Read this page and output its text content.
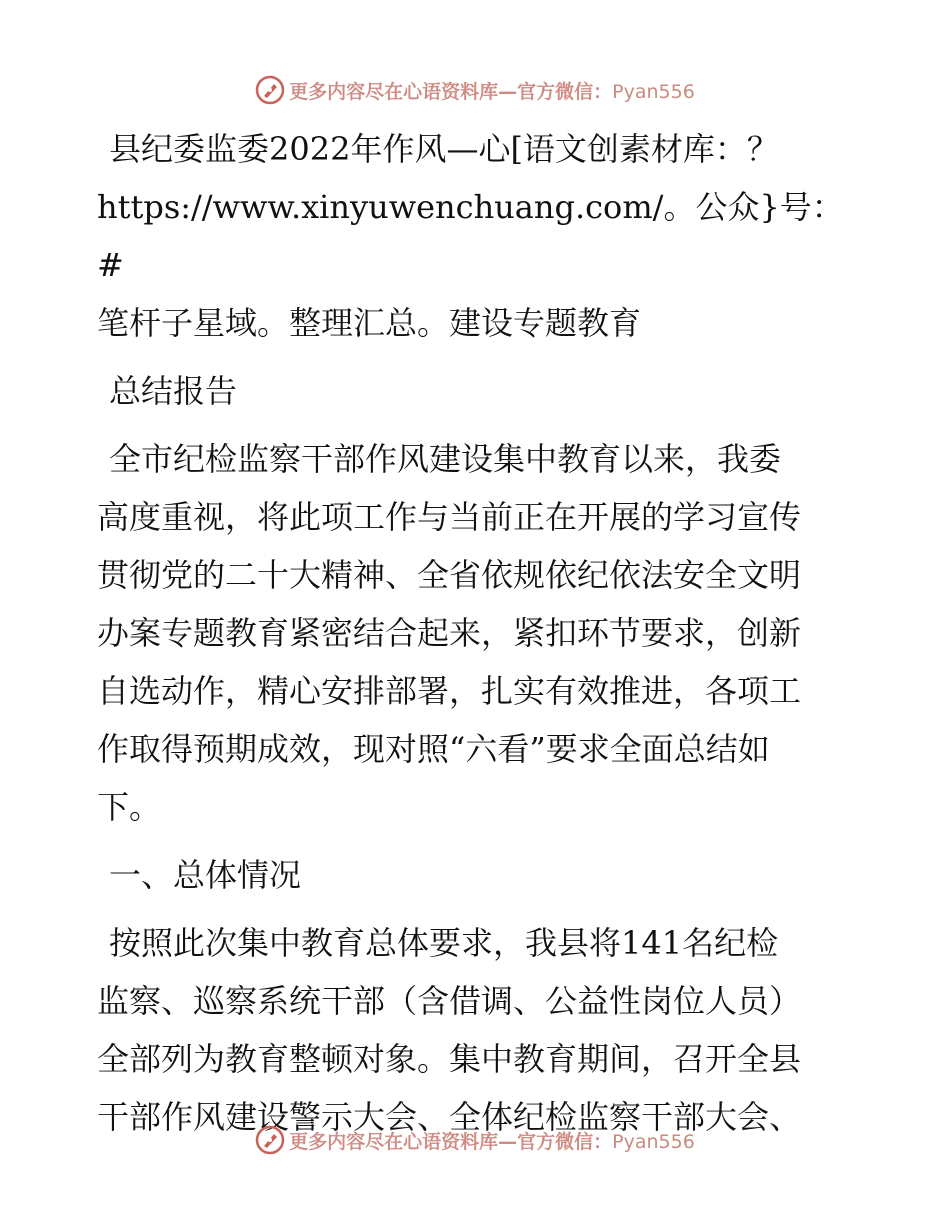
更多内容尽在心语资料库—官方微信：Pyan556

县纪委监委2022年作风—心[语文创素材库：？

https://www.xinyuwenchuang.com/。公众}号：#

笔杆子星域。整理汇总。建设专题教育

总结报告

全市纪检监察干部作风建设集中教育以来，我委

高度重视，将此项工作与当前正在开展的学习宣传

贯彻党的二十大精神、全省依规依纪依法安全文明

办案专题教育紧密结合起来，紧扣环节要求，创新

自选动作，精心安排部署，扎实有效推进，各项工

作取得预期成效，现对照“六看”要求全面总结如

下。

一、总体情况

按照此次集中教育总体要求，我县将141名纪检

监察、巡察系统干部（含借调、公益性岗位人员）

全部列为教育整顿对象。集中教育期间，召开全县

干部作风建设警示大会、全体纪检监察干部大会、

更多内容尽在心语资料库—官方微信：Pyan556
